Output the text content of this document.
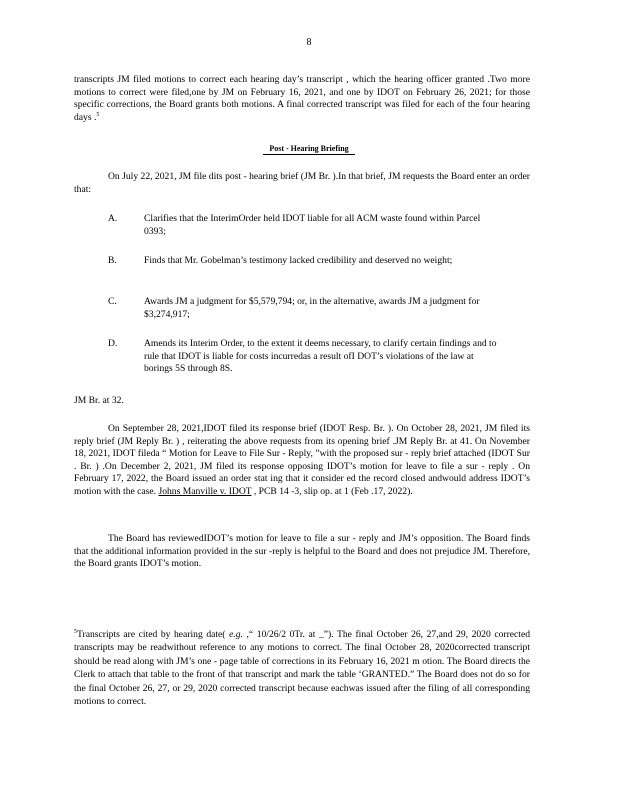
8
transcripts JM filed motions to correct each hearing day’s transcript , which the hearing officer granted .Two more motions to correct were filed,one by JM on February 16, 2021, and one by IDOT on February 26, 2021; for those specific corrections, the Board grants both motions. A final corrected transcript was filed for each of the four hearing days .$^5$
Post - Hearing Briefing
On July 22, 2021, JM file dits post - hearing brief (JM Br. ).In that brief, JM requests the Board enter an order that:
A.	Clarifies that the InterimOrder held IDOT liable for all ACM waste found within Parcel 0393;
B.	Finds that Mr. Gobelman’s testimony lacked credibility and deserved no weight;
C.	Awards JM a judgment for $5,579,794; or, in the alternative, awards JM a judgment for $3,274,917;
D.	Amends its Interim Order, to the extent it deems necessary, to clarify certain findings and to rule that IDOT is liable for costs incurredas a result ofI DOT’s violations of the law at borings 5S through 8S.
JM Br. at 32.
On September 28, 2021,IDOT filed its response brief (IDOT Resp. Br. ). On October 28, 2021, JM filed its reply brief (JM Reply Br. ) , reiterating the above requests from its opening brief .JM Reply Br. at 41. On November 18, 2021, IDOT fileda “ Motion for Leave to File Sur - Reply, ”with the proposed sur - reply brief attached (IDOT Sur . Br. ) .On December 2, 2021, JM filed its response opposing IDOT’s motion for leave to file a sur - reply . On February 17, 2022, the Board issued an order stat ing that it consider ed the record closed andwould address IDOT’s motion with the case. Johns Manville v. IDOT , PCB 14 -3, slip op. at 1 (Feb .17, 2022).
The Board has reviewedIDOT’s motion for leave to file a sur - reply and JM’s opposition. The Board finds that the additional information provided in the sur -reply is helpful to the Board and does not prejudice JM. Therefore, the Board grants IDOT’s motion.
$^5$Transcripts are cited by hearing date( e.g. ,“ 10/26/2 0Tr. at _”). The final October 26, 27,and 29, 2020 corrected transcripts may be readwithout reference to any motions to correct. The final October 28, 2020corrected transcript should be read along with JM’s one - page table of corrections in its February 16, 2021 m otion. The Board directs the Clerk to attach that table to the front of that transcript and mark the table ‘GRANTED.” The Board does not do so for the final October 26, 27, or 29, 2020 corrected transcript because eachwas issued after the filing of all corresponding motions to correct.
